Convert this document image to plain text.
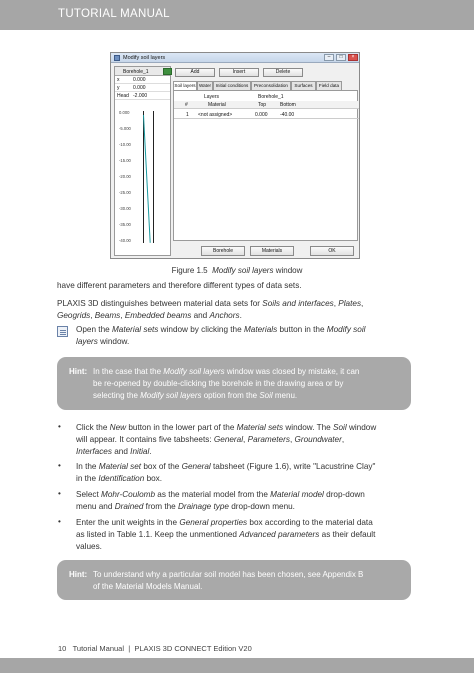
TUTORIAL MANUAL
Modify soil layers	–	□	×
Borehole_1
x	0.000
y	0.000
Head -2.000
0.000
-5.000
-10.00
-15.00
-20.00
-25.00
-30.00
-35.00
-40.00
Add	Insert	Delete
Soil layers Water	Initial conditions	Preconsolidation	Surfaces	Field data
Layers	Borehole_1
#	Material	Top	Bottom
1 <not assigned>	0.000 -40.00
Borehole	Materials	OK
Figure 1.5 Modify soil layers window
have different parameters and therefore different types of data sets.
PLAXIS 3D distinguishes between material data sets for Soils and interfaces, Plates,
Geogrids, Beams, Embedded beams and Anchors.
Open the Material sets window by clicking the Materials button in the Modify soil
layers window.
Hint: In the case that the Modify soil layers window was closed by mistake, it can
be re-opened by double-clicking the borehole in the drawing area or by
selecting the Modify soil layers option from the Soil menu.
• Click the New button in the lower part of the Material sets window. The Soil window
will appear. It contains five tabsheets: General, Parameters, Groundwater,
Interfaces and Initial.
• In the Material set box of the General tabsheet (Figure 1.6), write "Lacustrine Clay"
in the Identification box.
• Select Mohr-Coulomb as the material model from the Material model drop-down
menu and Drained from the Drainage type drop-down menu.
• Enter the unit weights in the General properties box according to the material data
as listed in Table 1.1. Keep the unmentioned Advanced parameters as their default
values.
Hint: To understand why a particular soil model has been chosen, see Appendix B
of the Material Models Manual.
10 Tutorial Manual | PLAXIS 3D CONNECT Edition V20
